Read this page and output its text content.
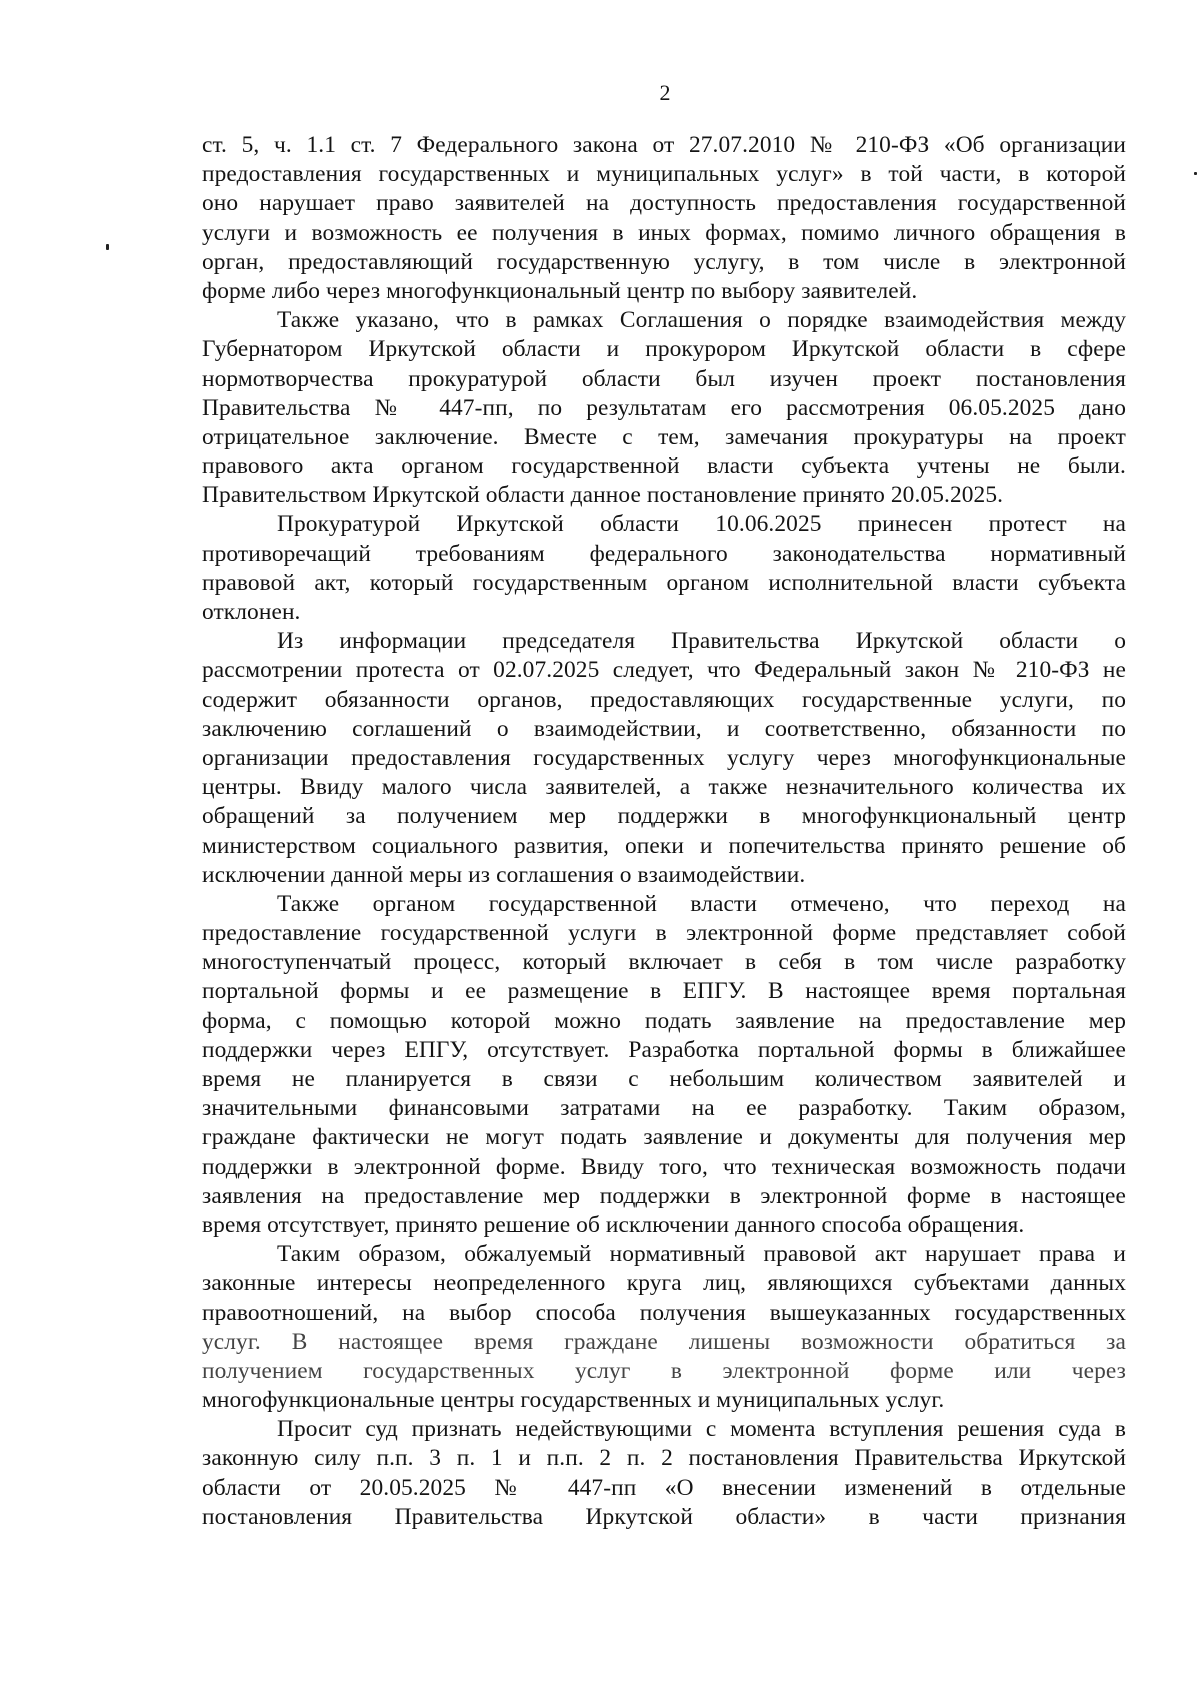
2
ст. 5, ч. 1.1 ст. 7 Федерального закона от 27.07.2010 № 210-ФЗ «Об организации
предоставления государственных и муниципальных услуг» в той части, в которой
оно нарушает право заявителей на доступность предоставления государственной
услуги и возможность ее получения в иных формах, помимо личного обращения в
орган, предоставляющий государственную услугу, в том числе в электронной
форме либо через многофункциональный центр по выбору заявителей.
Также указано, что в рамках Соглашения о порядке взаимодействия между
Губернатором Иркутской области и прокурором Иркутской области в сфере
нормотворчества прокуратурой области был изучен проект постановления
Правительства № 447-пп, по результатам его рассмотрения 06.05.2025 дано
отрицательное заключение. Вместе с тем, замечания прокуратуры на проект
правового акта органом государственной власти субъекта учтены не были.
Правительством Иркутской области данное постановление принято 20.05.2025.
Прокуратурой Иркутской области 10.06.2025 принесен протест на
противоречащий требованиям федерального законодательства нормативный
правовой акт, который государственным органом исполнительной власти субъекта
отклонен.
Из информации председателя Правительства Иркутской области о
рассмотрении протеста от 02.07.2025 следует, что Федеральный закон № 210-ФЗ не
содержит обязанности органов, предоставляющих государственные услуги, по
заключению соглашений о взаимодействии, и соответственно, обязанности по
организации предоставления государственных услугу через многофункциональные
центры. Ввиду малого числа заявителей, а также незначительного количества их
обращений за получением мер поддержки в многофункциональный центр
министерством социального развития, опеки и попечительства принято решение об
исключении данной меры из соглашения о взаимодействии.
Также органом государственной власти отмечено, что переход на
предоставление государственной услуги в электронной форме представляет собой
многоступенчатый процесс, который включает в себя в том числе разработку
портальной формы и ее размещение в ЕПГУ. В настоящее время портальная
форма, с помощью которой можно подать заявление на предоставление мер
поддержки через ЕПГУ, отсутствует. Разработка портальной формы в ближайшее
время не планируется в связи с небольшим количеством заявителей и
значительными финансовыми затратами на ее разработку. Таким образом,
граждане фактически не могут подать заявление и документы для получения мер
поддержки в электронной форме. Ввиду того, что техническая возможность подачи
заявления на предоставление мер поддержки в электронной форме в настоящее
время отсутствует, принято решение об исключении данного способа обращения.
Таким образом, обжалуемый нормативный правовой акт нарушает права и
законные интересы неопределенного круга лиц, являющихся субъектами данных
правоотношений, на выбор способа получения вышеуказанных государственных
услуг. В настоящее время граждане лишены возможности обратиться за
получением государственных услуг в электронной форме или через
многофункциональные центры государственных и муниципальных услуг.
Просит суд признать недействующими с момента вступления решения суда в
законную силу п.п. 3 п. 1 и п.п. 2 п. 2 постановления Правительства Иркутской
области от 20.05.2025 № 447-пп «О внесении изменений в отдельные
постановления Правительства Иркутской области» в части признания
